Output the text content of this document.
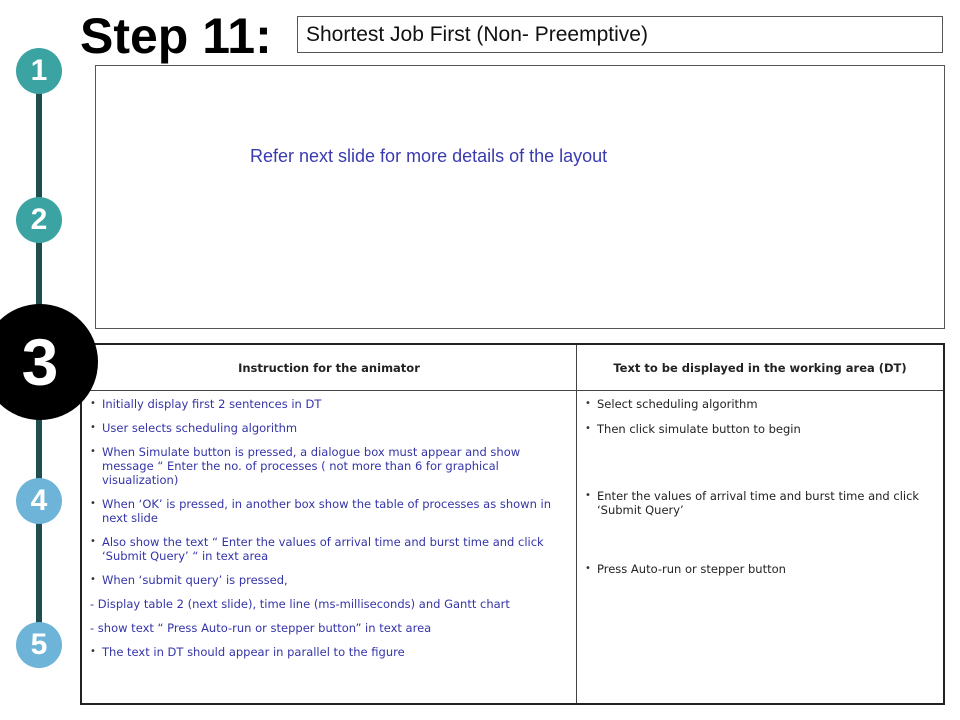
1
2
3
4
5
Step 11:	Shortest Job First (Non- Preemptive)

Refer next slide for more details of the layout

Instruction for the animator	Text to be displayed in the working area (DT)
• Initially display first 2 sentences in DT
• User selects scheduling algorithm
• When Simulate button is pressed, a dialogue box must appear and show message “ Enter the no. of processes ( not more than 6 for graphical visualization)
• When ‘OK’ is pressed, in another box show the table of processes as shown in next slide
• Also show the text “ Enter the values of arrival time and burst time and click ‘Submit Query’ “ in text area
• When ‘submit query’ is pressed,
- Display table 2 (next slide), time line (ms-milliseconds) and Gantt chart
- show text “ Press Auto-run or stepper button” in text area
• The text in DT should appear in parallel to the figure
• Select scheduling algorithm
• Then click simulate button to begin
• Enter the values of arrival time and burst time and click ‘Submit Query’
• Press Auto-run or stepper button
